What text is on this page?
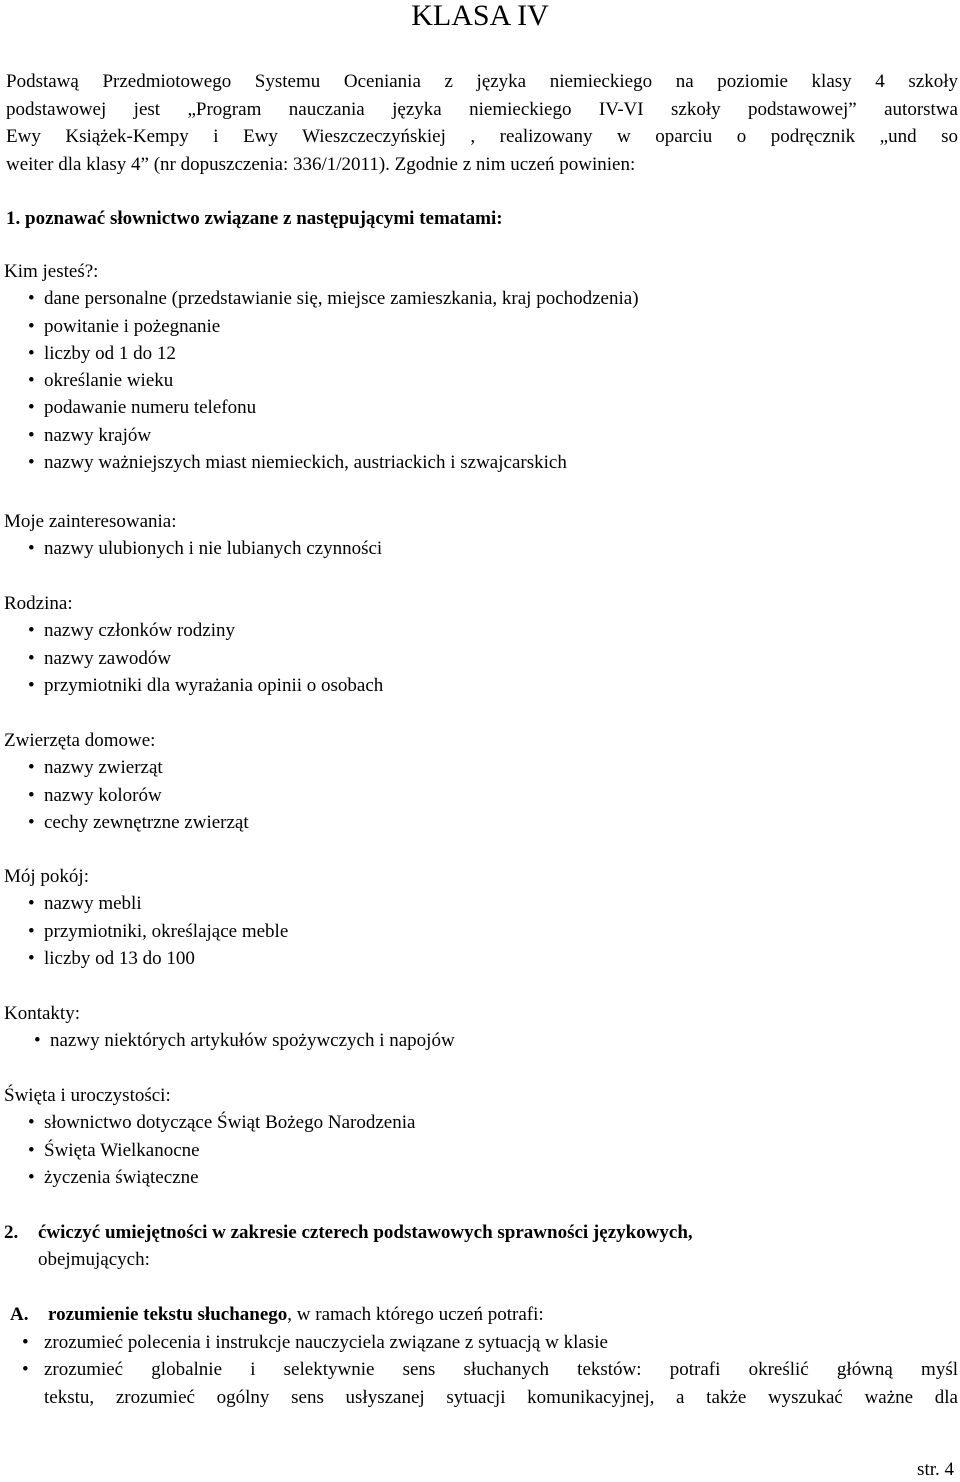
KLASA IV
Podstawą Przedmiotowego Systemu Oceniania z języka niemieckiego na poziomie klasy 4 szkoły
podstawowej jest „Program nauczania języka niemieckiego IV-VI szkoły podstawowej” autorstwa
Ewy Książek-Kempy i Ewy Wieszczeczyńskiej , realizowany w oparciu o podręcznik „und so
weiter dla klasy 4” (nr dopuszczenia: 336/1/2011). Zgodnie z nim uczeń powinien:
1. poznawać słownictwo związane z następującymi tematami:
Kim jesteś?:
• dane personalne (przedstawianie się, miejsce zamieszkania, kraj pochodzenia)
• powitanie i pożegnanie
• liczby od 1 do 12
• określanie wieku
• podawanie numeru telefonu
• nazwy krajów
• nazwy ważniejszych miast niemieckich, austriackich i szwajcarskich
Moje zainteresowania:
• nazwy ulubionych i nie lubianych czynności
Rodzina:
• nazwy członków rodziny
• nazwy zawodów
• przymiotniki dla wyrażania opinii o osobach
Zwierzęta domowe:
• nazwy zwierząt
• nazwy kolorów
• cechy zewnętrzne zwierząt
Mój pokój:
• nazwy mebli
• przymiotniki, określające meble
• liczby od 13 do 100
Kontakty:
• nazwy niektórych artykułów spożywczych i napojów
Święta i uroczystości:
• słownictwo dotyczące Świąt Bożego Narodzenia
• Święta Wielkanocne
• życzenia świąteczne
2. ćwiczyć umiejętności w zakresie czterech podstawowych sprawności językowych,
obejmujących:
A. rozumienie tekstu słuchanego, w ramach którego uczeń potrafi:
• zrozumieć polecenia i instrukcje nauczyciela związane z sytuacją w klasie
• zrozumieć globalnie i selektywnie sens słuchanych tekstów: potrafi określić główną myśl
tekstu, zrozumieć ogólny sens usłyszanej sytuacji komunikacyjnej, a także wyszukać ważne dla
str. 4
